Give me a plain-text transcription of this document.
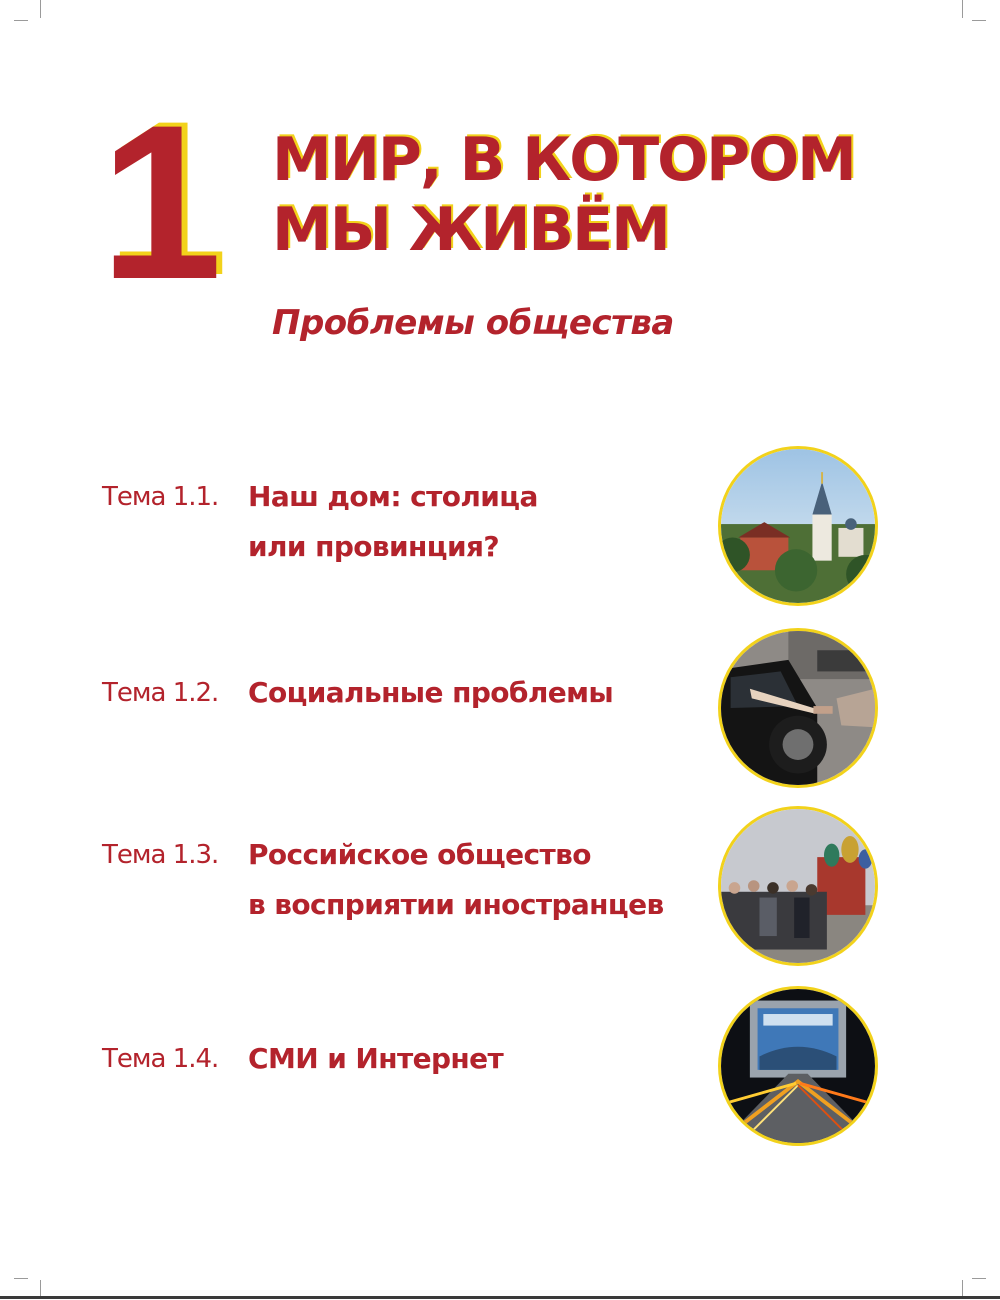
1 МИР, В КОТОРОМ
МЫ ЖИВЁМ
Проблемы общества
Тема 1.1.	Наш дом: столица
или провинция?
Тема 1.2.	Социальные проблемы
Тема 1.3.	Российское общество
в восприятии иностранцев
Тема 1.4.	СМИ и Интернет
